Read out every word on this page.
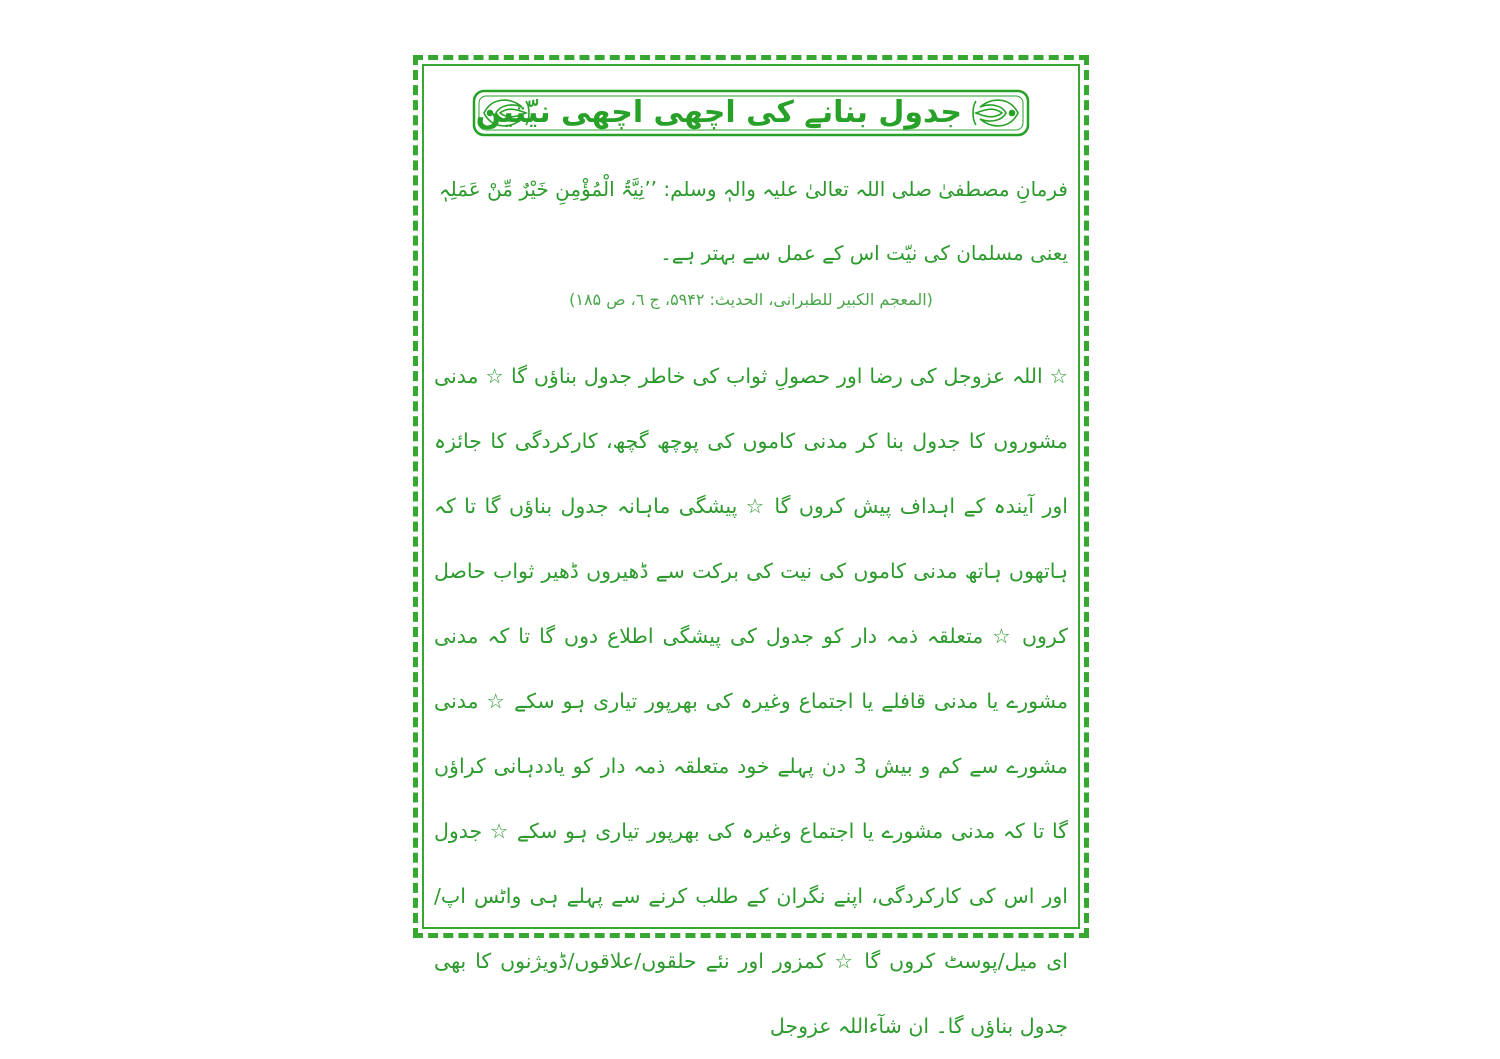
جدول بنانے کی اچھی اچھی نیّتیں
فرمانِ مصطفیٰ صلی اللہ تعالیٰ علیہ والہٖ وسلم: ’’نِیَّۃُ الْمُؤْمِنِ خَیْرٌ مِّنْ عَمَلِہٖ
یعنی مسلمان کی نیّت اس کے عمل سے بہتر ہے۔
(المعجم الکبیر للطبرانی، الحدیث: ۵۹۴۲، ج ٦، ص ۱۸۵)
☆ اللہ عزوجل کی رضا اور حصولِ ثواب کی خاطر جدول بناؤں گا ☆ مدنی مشوروں کا جدول بنا کر مدنی کاموں کی پوچھ گچھ، کارکردگی کا جائزہ اور آیندہ کے اہداف پیش کروں گا ☆ پیشگی ماہانہ جدول بناؤں گا تا کہ ہاتھوں ہاتھ مدنی کاموں کی نیت کی برکت سے ڈھیروں ڈھیر ثواب حاصل کروں ☆ متعلقہ ذمہ دار کو جدول کی پیشگی اطلاع دوں گا تا کہ مدنی مشورے یا مدنی قافلے یا اجتماع وغیرہ کی بھرپور تیاری ہو سکے ☆ مدنی مشورے سے کم و بیش 3 دن پہلے خود متعلقہ ذمہ دار کو یاددہانی کراؤں گا تا کہ مدنی مشورے یا اجتماع وغیرہ کی بھرپور تیاری ہو سکے ☆ جدول اور اس کی کارکردگی، اپنے نگران کے طلب کرنے سے پہلے ہی واٹس اپ/ای میل/پوسٹ کروں گا ☆ کمزور اور نئے حلقوں/علاقوں/ڈویژنوں کا بھی جدول بناؤں گا۔ ان شآءاللہ عزوجل
